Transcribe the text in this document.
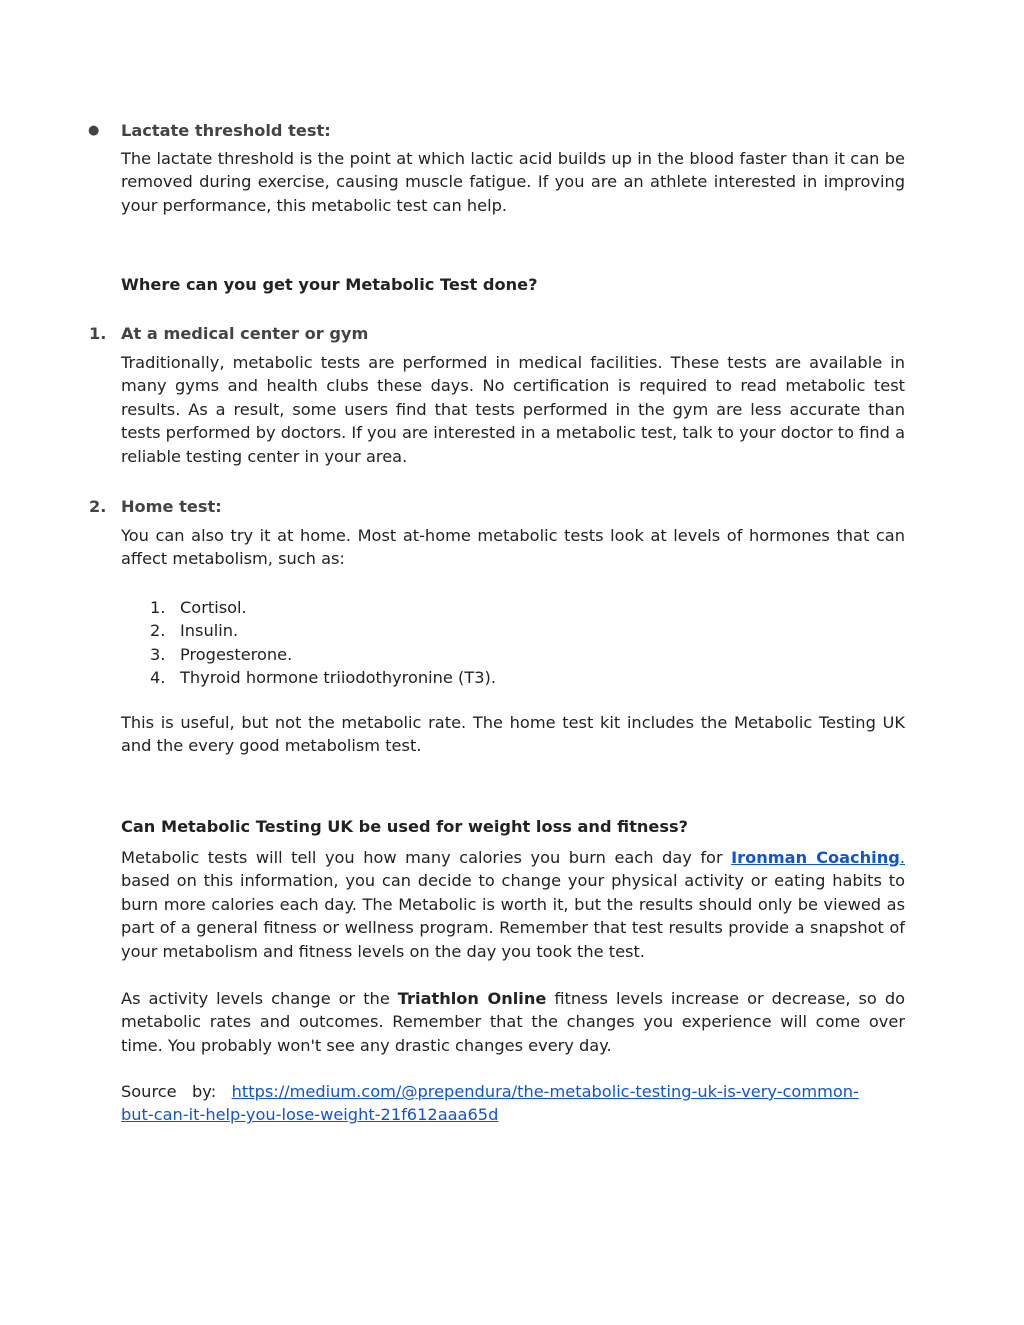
● Lactate threshold test:

The lactate threshold is the point at which lactic acid builds up in the blood faster than it can be removed during exercise, causing muscle fatigue. If you are an athlete interested in improving your performance, this metabolic test can help.

Where can you get your Metabolic Test done?
1. At a medical center or gym

Traditionally, metabolic tests are performed in medical facilities. These tests are available in many gyms and health clubs these days. No certification is required to read metabolic test results. As a result, some users find that tests performed in the gym are less accurate than tests performed by doctors. If you are interested in a metabolic test, talk to your doctor to find a reliable testing center in your area.

2. Home test:

You can also try it at home. Most at-home metabolic tests look at levels of hormones that can affect metabolism, such as:

1. Cortisol.
2. Insulin.
3. Progesterone.
4. Thyroid hormone triiodothyronine (T3).

This is useful, but not the metabolic rate. The home test kit includes the Metabolic Testing UK and the every good metabolism test.

Can Metabolic Testing UK be used for weight loss and fitness?

Metabolic tests will tell you how many calories you burn each day for Ironman Coaching. based on this information, you can decide to change your physical activity or eating habits to burn more calories each day. The Metabolic is worth it, but the results should only be viewed as part of a general fitness or wellness program. Remember that test results provide a snapshot of your metabolism and fitness levels on the day you took the test.

As activity levels change or the Triathlon Online fitness levels increase or decrease, so do metabolic rates and outcomes. Remember that the changes you experience will come over time. You probably won't see any drastic changes every day.

Source   by:   https://medium.com/@prependura/the-metabolic-testing-uk-is-very-common-
but-can-it-help-you-lose-weight-21f612aaa65d
